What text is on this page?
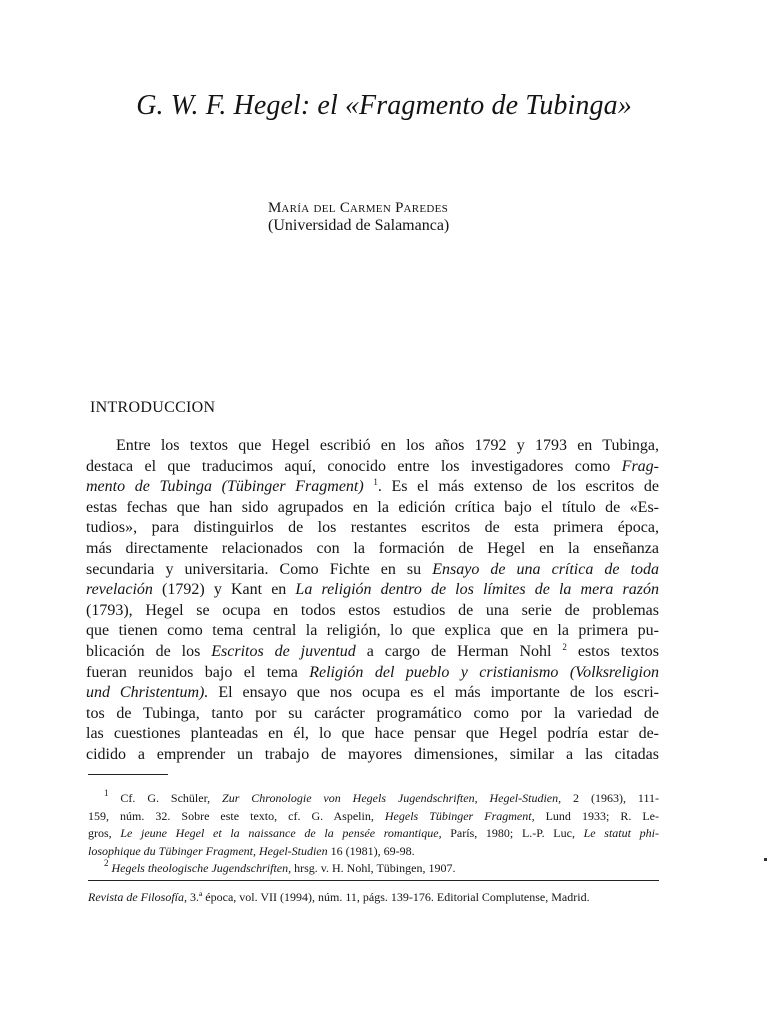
G. W. F. Hegel: el «Fragmento de Tubinga»
María del Carmen Paredes
(Universidad de Salamanca)
INTRODUCCION
Entre los textos que Hegel escribió en los años 1792 y 1793 en Tubinga,
destaca el que traducimos aquí, conocido entre los investigadores como Frag-
mento de Tubinga (Tübinger Fragment) $^1$. Es el más extenso de los escritos de
estas fechas que han sido agrupados en la edición crítica bajo el título de «Es-
tudios», para distinguirlos de los restantes escritos de esta primera época,
más directamente relacionados con la formación de Hegel en la enseñanza
secundaria y universitaria. Como Fichte en su Ensayo de una crítica de toda
revelación (1792) y Kant en La religión dentro de los límites de la mera razón
(1793), Hegel se ocupa en todos estos estudios de una serie de problemas
que tienen como tema central la religión, lo que explica que en la primera pu-
blicación de los Escritos de juventud a cargo de Herman Nohl $^2$ estos textos
fueran reunidos bajo el tema Religión del pueblo y cristianismo (Volksreligion
und Christentum). El ensayo que nos ocupa es el más importante de los escri-
tos de Tubinga, tanto por su carácter programático como por la variedad de
las cuestiones planteadas en él, lo que hace pensar que Hegel podría estar de-
cidido a emprender un trabajo de mayores dimensiones, similar a las citadas
$^1$ Cf. G. Schüler, Zur Chronologie von Hegels Jugendschriften, Hegel-Studien, 2 (1963), 111-
159, núm. 32. Sobre este texto, cf. G. Aspelin, Hegels Tübinger Fragment, Lund 1933; R. Le-
gros, Le jeune Hegel et la naissance de la pensée romantique, París, 1980; L.-P. Luc, Le statut phi-
losophique du Tübinger Fragment, Hegel-Studien 16 (1981), 69-98.
$^2$ Hegels theologische Jugendschriften, hrsg. v. H. Nohl, Tübingen, 1907.
Revista de Filosofía, 3.ª época, vol. VII (1994), núm. 11, págs. 139-176. Editorial Complutense, Madrid.
